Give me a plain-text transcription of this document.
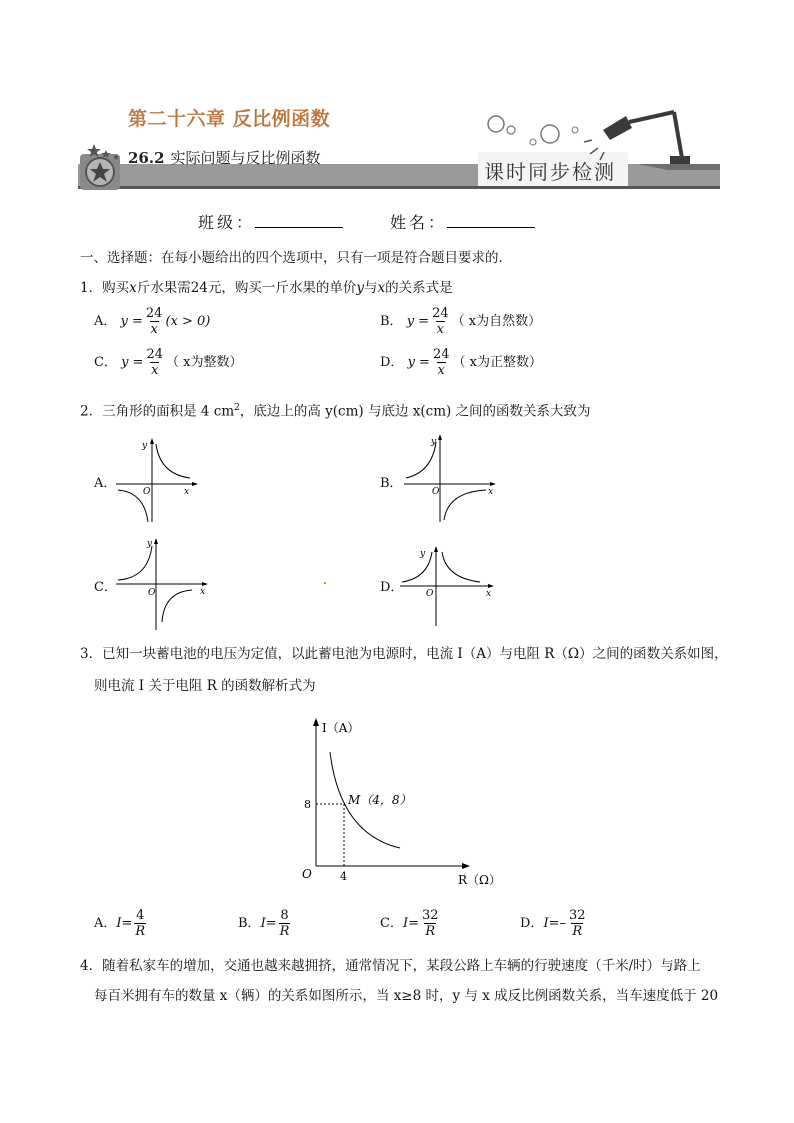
第二十六章 反比例函数
26.2 实际问题与反比例函数
课时同步检测
班级：	姓名：
一、选择题：在每小题给出的四个选项中，只有一项是符合题目要求的．
1．购买x斤水果需24元，购买一斤水果的单价y与x的关系式是
A． $y = \frac{24}{x} (x > 0)$	B． $y = \frac{24}{x}$ （ x为自然数）
C． $y = \frac{24}{x}$ （ x为整数）	D． $y = \frac{24}{x}$ （ x为正整数）
2．三角形的面积是 4 $cm^2$，底边上的高 y(cm) 与底边 x(cm) 之间的函数关系大致为
A．
y
x
O
B．
y
x
O
C．
y
x
O	D．
y
x
O
3．已知一块蓄电池的电压为定值，以此蓄电池为电源时，电流 I（A）与电阻 R（Ω）之间的函数关系如图，
则电流 I 关于电阻 R 的函数解析式为
I（A）
8
4
O
M（4，8）
R（Ω）
A．$I= \frac{4}{R}$	B．$I= \frac{8}{R}$	C．$I= \frac{32}{R}$	D．$I=- \frac{32}{R}$
4．随着私家车的增加，交通也越来越拥挤，通常情况下，某段公路上车辆的行驶速度（千米/时）与路上
每百米拥有车的数量 x（辆）的关系如图所示，当 x≥8 时，y 与 x 成反比例函数关系，当车速度低于 20
